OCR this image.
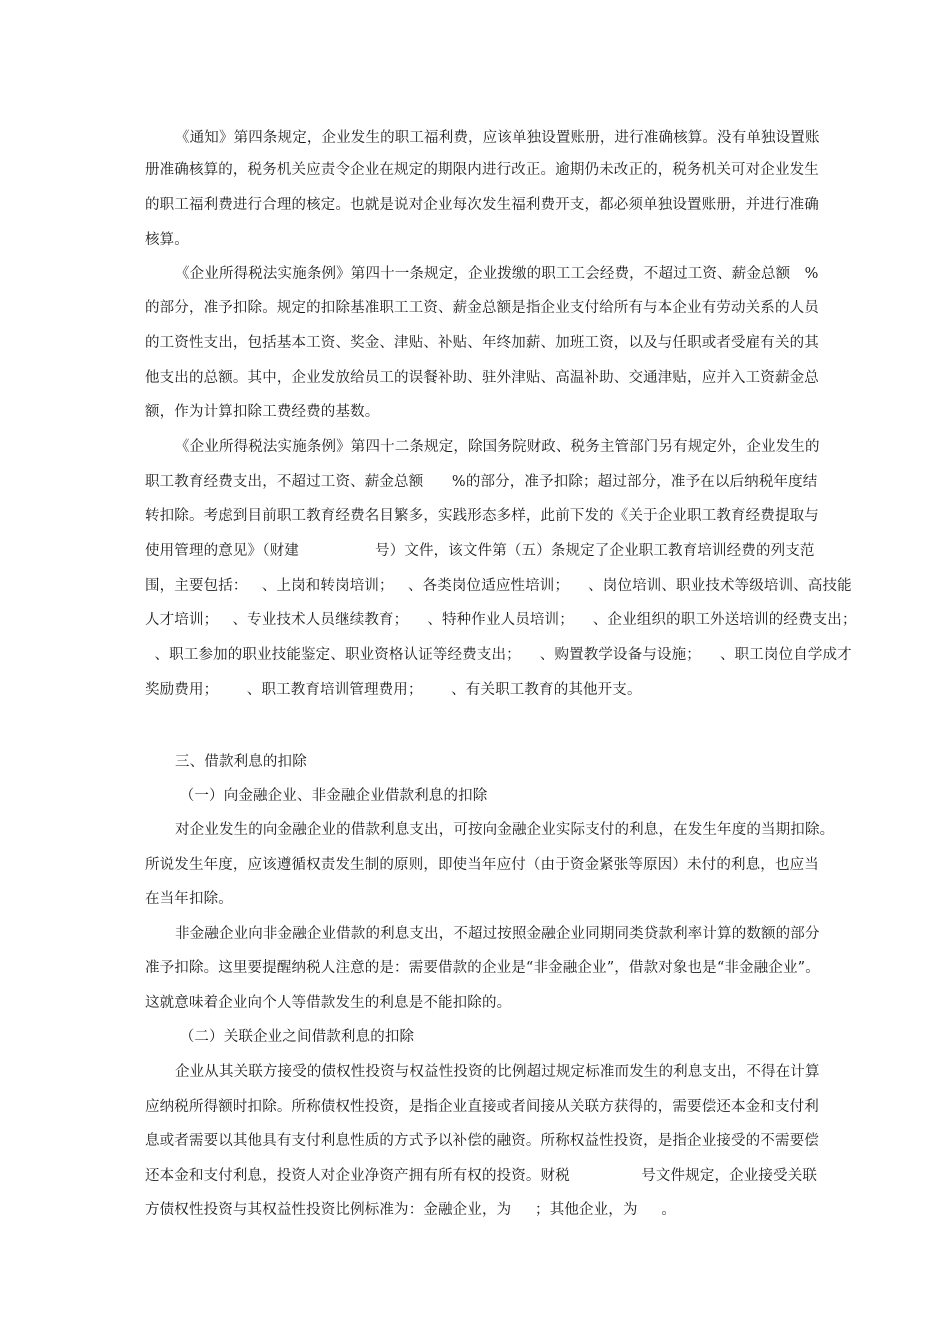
《通知》第四条规定，企业发生的职工福利费，应该单独设置账册，进行准确核算。没有单独设置账
册准确核算的，税务机关应责令企业在规定的期限内进行改正。逾期仍未改正的，税务机关可对企业发生
的职工福利费进行合理的核定。也就是说对企业每次发生福利费开支，都必须单独设置账册，并进行准确
核算。
《企业所得税法实施条例》第四十一条规定，企业拨缴的职工工会经费，不超过工资、薪金总额   %
的部分，准予扣除。规定的扣除基准职工工资、薪金总额是指企业支付给所有与本企业有劳动关系的人员
的工资性支出，包括基本工资、奖金、津贴、补贴、年终加薪、加班工资，以及与任职或者受雇有关的其
他支出的总额。其中，企业发放给员工的误餐补助、驻外津贴、高温补助、交通津贴，应并入工资薪金总
额，作为计算扣除工费经费的基数。
《企业所得税法实施条例》第四十二条规定，除国务院财政、税务主管部门另有规定外，企业发生的
职工教育经费支出，不超过工资、薪金总额      %的部分，准予扣除；超过部分，准予在以后纳税年度结
转扣除。考虑到目前职工教育经费名目繁多，实践形态多样，此前下发的《关于企业职工教育经费提取与
使用管理的意见》（财建                号）文件，该文件第（五）条规定了企业职工教育培训经费的列支范
围，主要包括：   、上岗和转岗培训；   、各类岗位适应性培训；    、岗位培训、职业技术等级培训、高技能
人才培训；   、专业技术人员继续教育；    、特种作业人员培训；    、企业组织的职工外送培训的经费支出；
、职工参加的职业技能鉴定、职业资格认证等经费支出；    、购置教学设备与设施；    、职工岗位自学成才
奖励费用；      、职工教育培训管理费用；      、有关职工教育的其他开支。
三、借款利息的扣除
（一）向金融企业、非金融企业借款利息的扣除
对企业发生的向金融企业的借款利息支出，可按向金融企业实际支付的利息，在发生年度的当期扣除。
所说发生年度，应该遵循权责发生制的原则，即使当年应付（由于资金紧张等原因）未付的利息，也应当
在当年扣除。
非金融企业向非金融企业借款的利息支出，不超过按照金融企业同期同类贷款利率计算的数额的部分
准予扣除。这里要提醒纳税人注意的是：需要借款的企业是“非金融企业”，借款对象也是“非金融企业”。
这就意味着企业向个人等借款发生的利息是不能扣除的。
（二）关联企业之间借款利息的扣除
企业从其关联方接受的债权性投资与权益性投资的比例超过规定标准而发生的利息支出，不得在计算
应纳税所得额时扣除。所称债权性投资，是指企业直接或者间接从关联方获得的，需要偿还本金和支付利
息或者需要以其他具有支付利息性质的方式予以补偿的融资。所称权益性投资，是指企业接受的不需要偿
还本金和支付利息，投资人对企业净资产拥有所有权的投资。财税               号文件规定，企业接受关联
方债权性投资与其权益性投资比例标准为：金融企业，为     ；其他企业，为     。
